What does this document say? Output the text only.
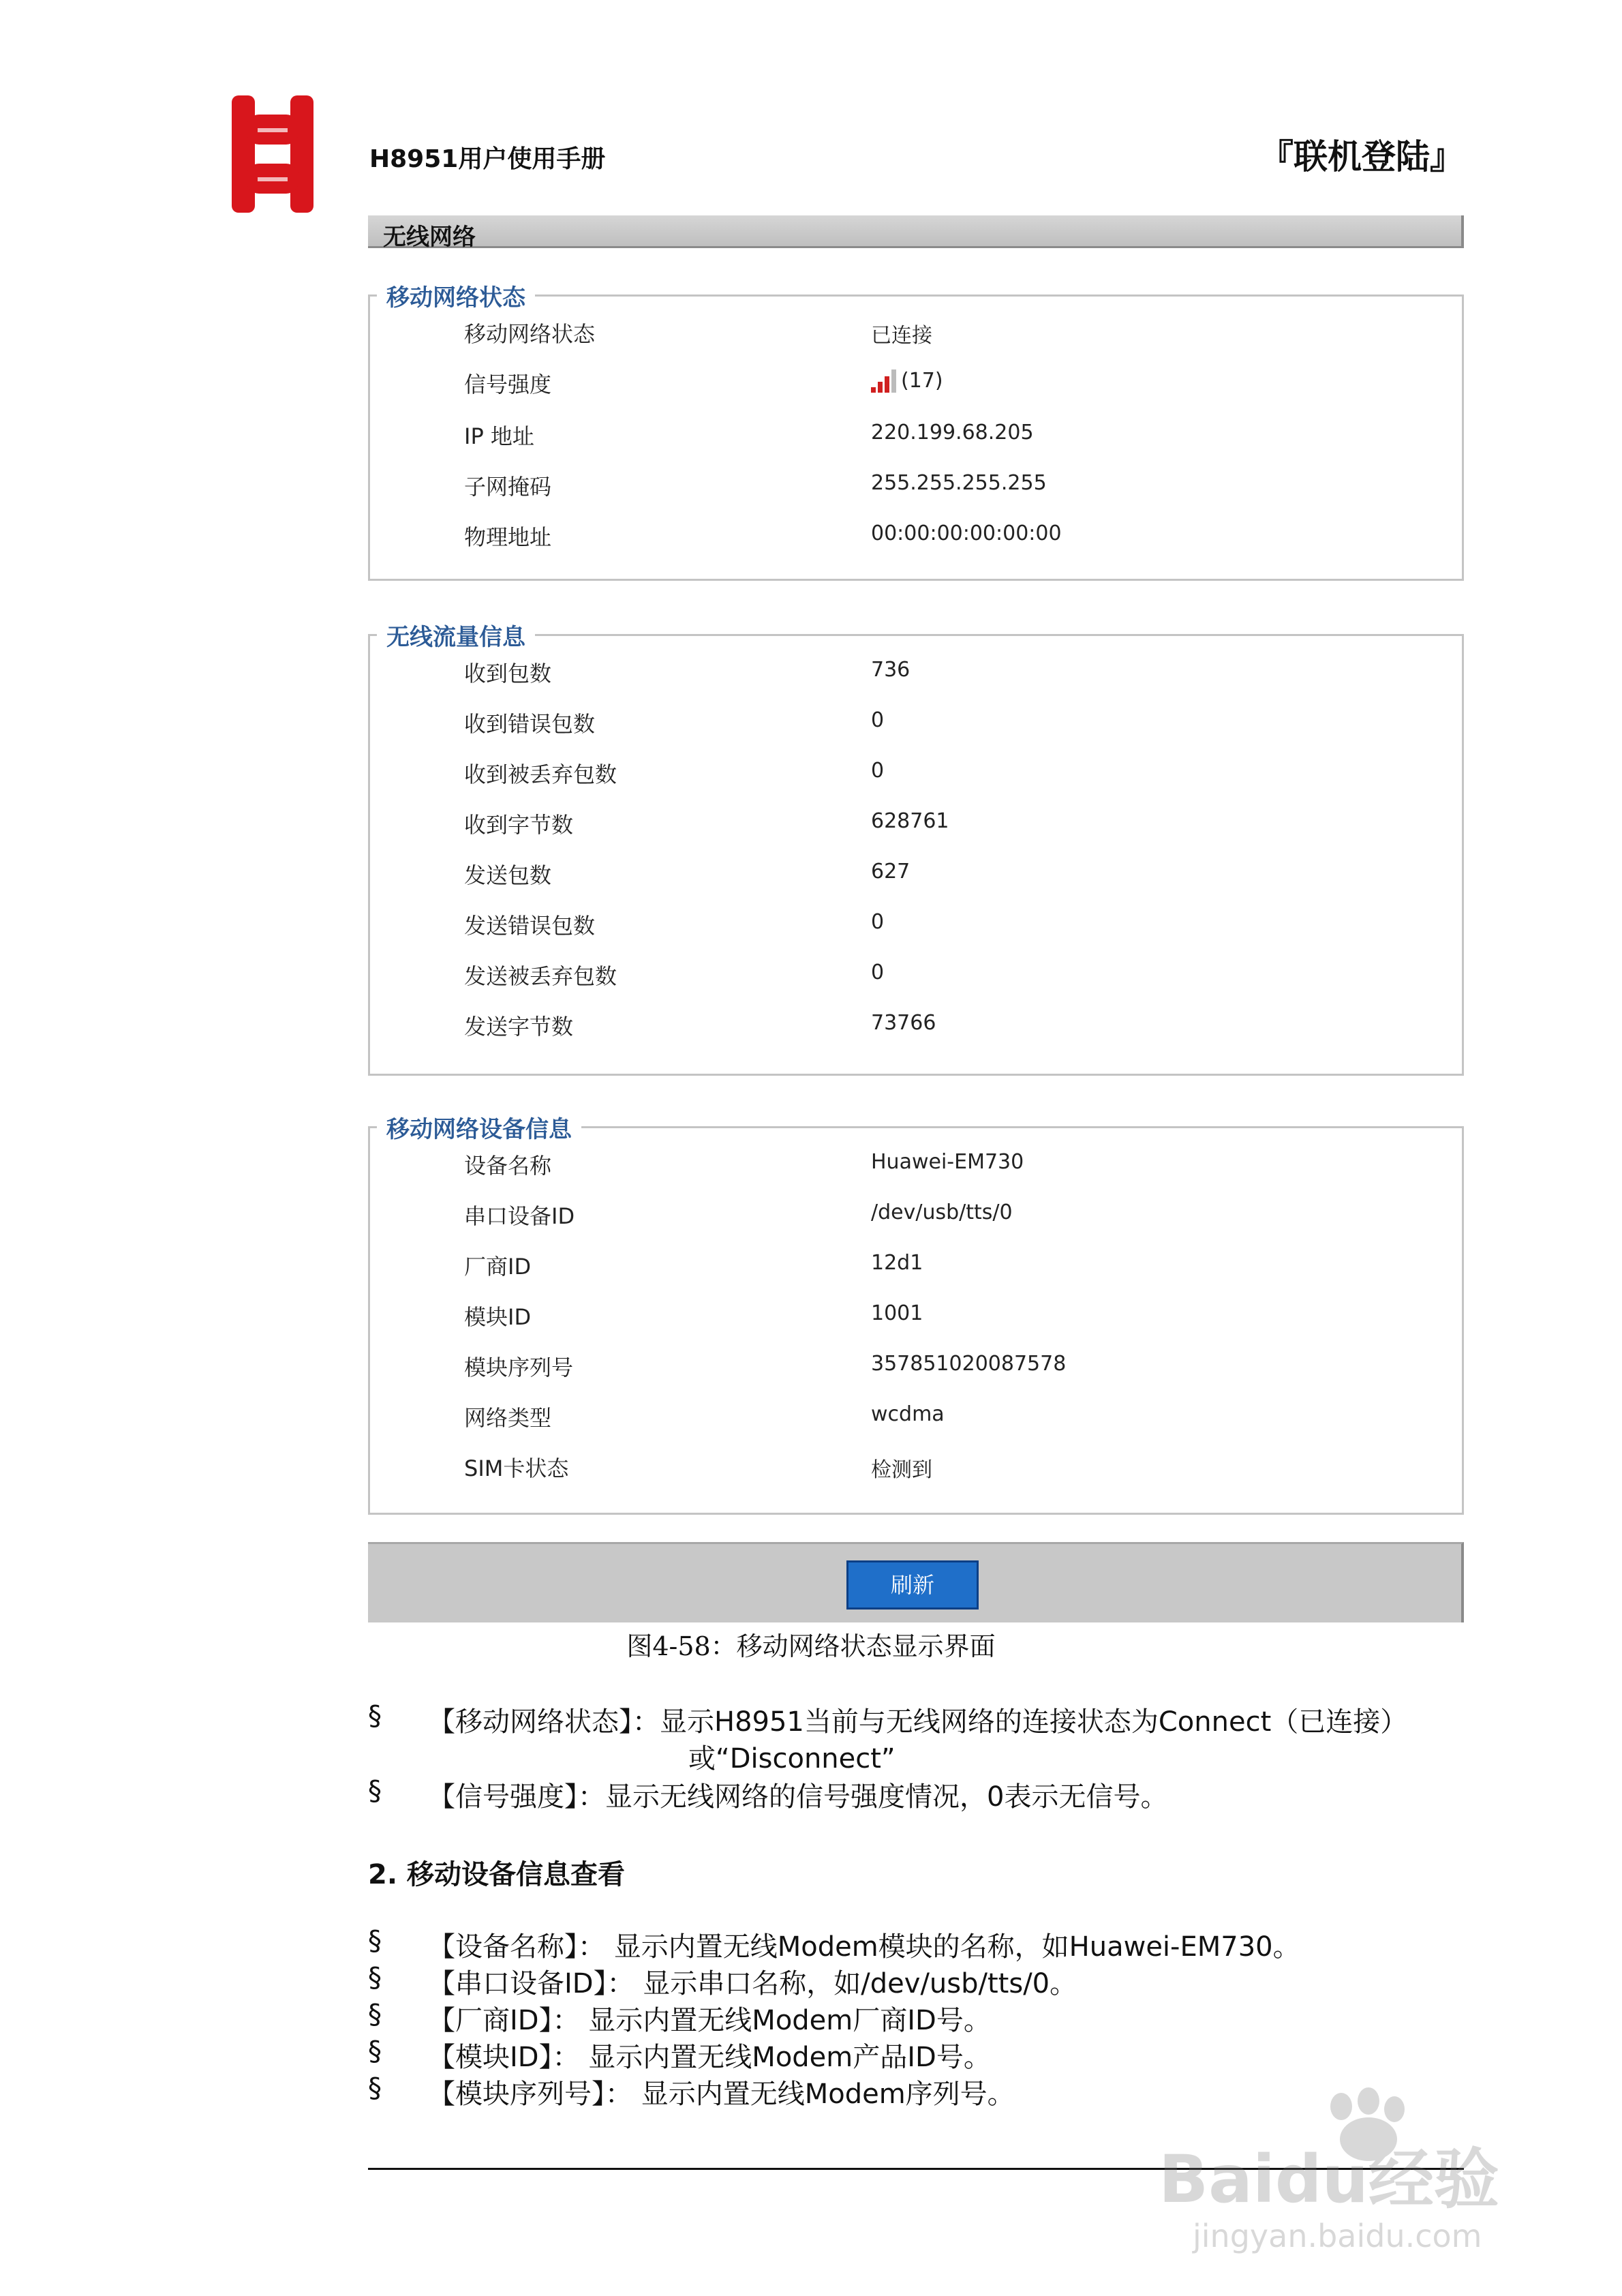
H8951用户使用手册	『联机登陆』
无线网络
移动网络状态
移动网络状态	已连接
信号强度	(17)
IP 地址	220.199.68.205
子网掩码	255.255.255.255
物理地址	00:00:00:00:00:00
无线流量信息
收到包数	736
收到错误包数	0
收到被丢弃包数	0
收到字节数	628761
发送包数	627
发送错误包数	0
发送被丢弃包数	0
发送字节数	73766
移动网络设备信息
设备名称	Huawei-EM730
串口设备ID	/dev/usb/tts/0
厂商ID	12d1
模块ID	1001
模块序列号	357851020087578
网络类型	wcdma
SIM卡状态	检测到
刷新
图4-58：移动网络状态显示界面
§ 【移动网络状态】：显示H8951当前与无线网络的连接状态为Connect（已连接）
或“Disconnect”
§ 【信号强度】：显示无线网络的信号强度情况，0表示无信号。
2. 移动设备信息查看
§ 【设备名称】： 显示内置无线Modem模块的名称，如Huawei-EM730。
§ 【串口设备ID】： 显示串口名称，如/dev/usb/tts/0。
§ 【厂商ID】： 显示内置无线Modem厂商ID号。
§ 【模块ID】： 显示内置无线Modem产品ID号。
§ 【模块序列号】： 显示内置无线Modem序列号。
Baidu经验
jingyan.baidu.com
